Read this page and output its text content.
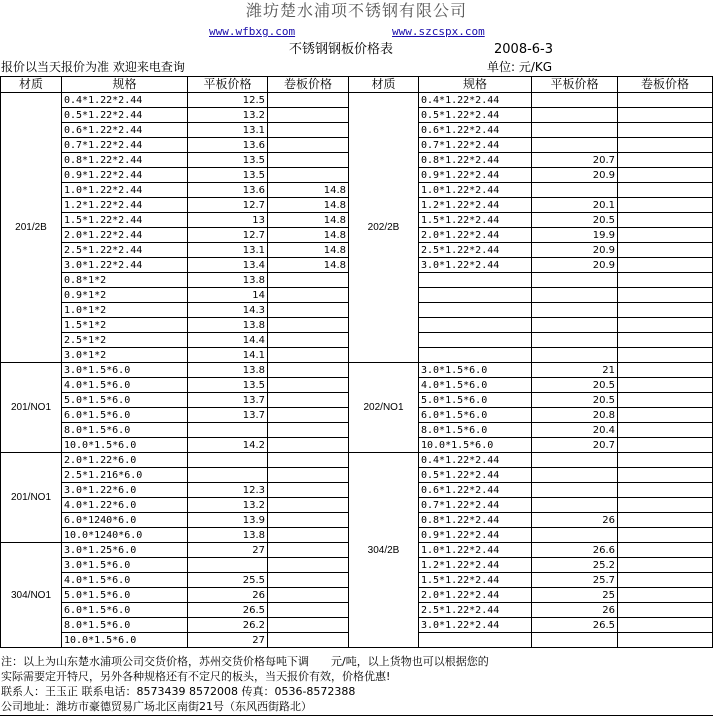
潍坊楚水浦项不锈钢有限公司
www.wfbxg.com	www.szcspx.com
不锈钢钢板价格表	2008-6-3
报价以当天报价为准 欢迎来电查询	单位: 元/KG
材质	规格	平板价格	卷板价格	材质	规格	平板价格	卷板价格
201/2B	0.4*1.22*2.44	12.5		202/2B	0.4*1.22*2.44		
	0.5*1.22*2.44	13.2			0.5*1.22*2.44		
	0.6*1.22*2.44	13.1			0.6*1.22*2.44		
	0.7*1.22*2.44	13.6			0.7*1.22*2.44		
	0.8*1.22*2.44	13.5			0.8*1.22*2.44	20.7	
	0.9*1.22*2.44	13.5			0.9*1.22*2.44	20.9	
	1.0*1.22*2.44	13.6	14.8		1.0*1.22*2.44		
	1.2*1.22*2.44	12.7	14.8		1.2*1.22*2.44	20.1	
	1.5*1.22*2.44	13	14.8		1.5*1.22*2.44	20.5	
	2.0*1.22*2.44	12.7	14.8		2.0*1.22*2.44	19.9	
	2.5*1.22*2.44	13.1	14.8		2.5*1.22*2.44	20.9	
	3.0*1.22*2.44	13.4	14.8		3.0*1.22*2.44	20.9	
	0.8*1*2	13.8					
	0.9*1*2	14					
	1.0*1*2	14.3					
	1.5*1*2	13.8					
	2.5*1*2	14.4					
	3.0*1*2	14.1					
201/NO1	3.0*1.5*6.0	13.8		202/NO1	3.0*1.5*6.0	21	
	4.0*1.5*6.0	13.5			4.0*1.5*6.0	20.5	
	5.0*1.5*6.0	13.7			5.0*1.5*6.0	20.5	
	6.0*1.5*6.0	13.7			6.0*1.5*6.0	20.8	
	8.0*1.5*6.0				8.0*1.5*6.0	20.4	
	10.0*1.5*6.0	14.2			10.0*1.5*6.0	20.7	
201/NO1	2.0*1.22*6.0			304/2B	0.4*1.22*2.44		
	2.5*1.216*6.0				0.5*1.22*2.44		
	3.0*1.22*6.0	12.3			0.6*1.22*2.44		
	4.0*1.22*6.0	13.2			0.7*1.22*2.44		
	6.0*1240*6.0	13.9			0.8*1.22*2.44	26	
	10.0*1240*6.0	13.8			0.9*1.22*2.44		
304/NO1	3.0*1.25*6.0	27			1.0*1.22*2.44	26.6	
	3.0*1.5*6.0				1.2*1.22*2.44	25.2	
	4.0*1.5*6.0	25.5			1.5*1.22*2.44	25.7	
	5.0*1.5*6.0	26			2.0*1.22*2.44	25	
	6.0*1.5*6.0	26.5			2.5*1.22*2.44	26	
	8.0*1.5*6.0	26.2			3.0*1.22*2.44	26.5	
	10.0*1.5*6.0	27					
注：以上为山东楚水浦项公司交货价格，苏州交货价格每吨下调　　元/吨，以上货物也可以根据您的
实际需要定开特尺，另外各种规格还有不定尺的板头，当天报价有效，价格优惠!
联系人：王玉正 联系电话：8573439 8572008 传真：0536-8572388
公司地址：潍坊市豪德贸易广场北区南街21号（东风西街路北）
